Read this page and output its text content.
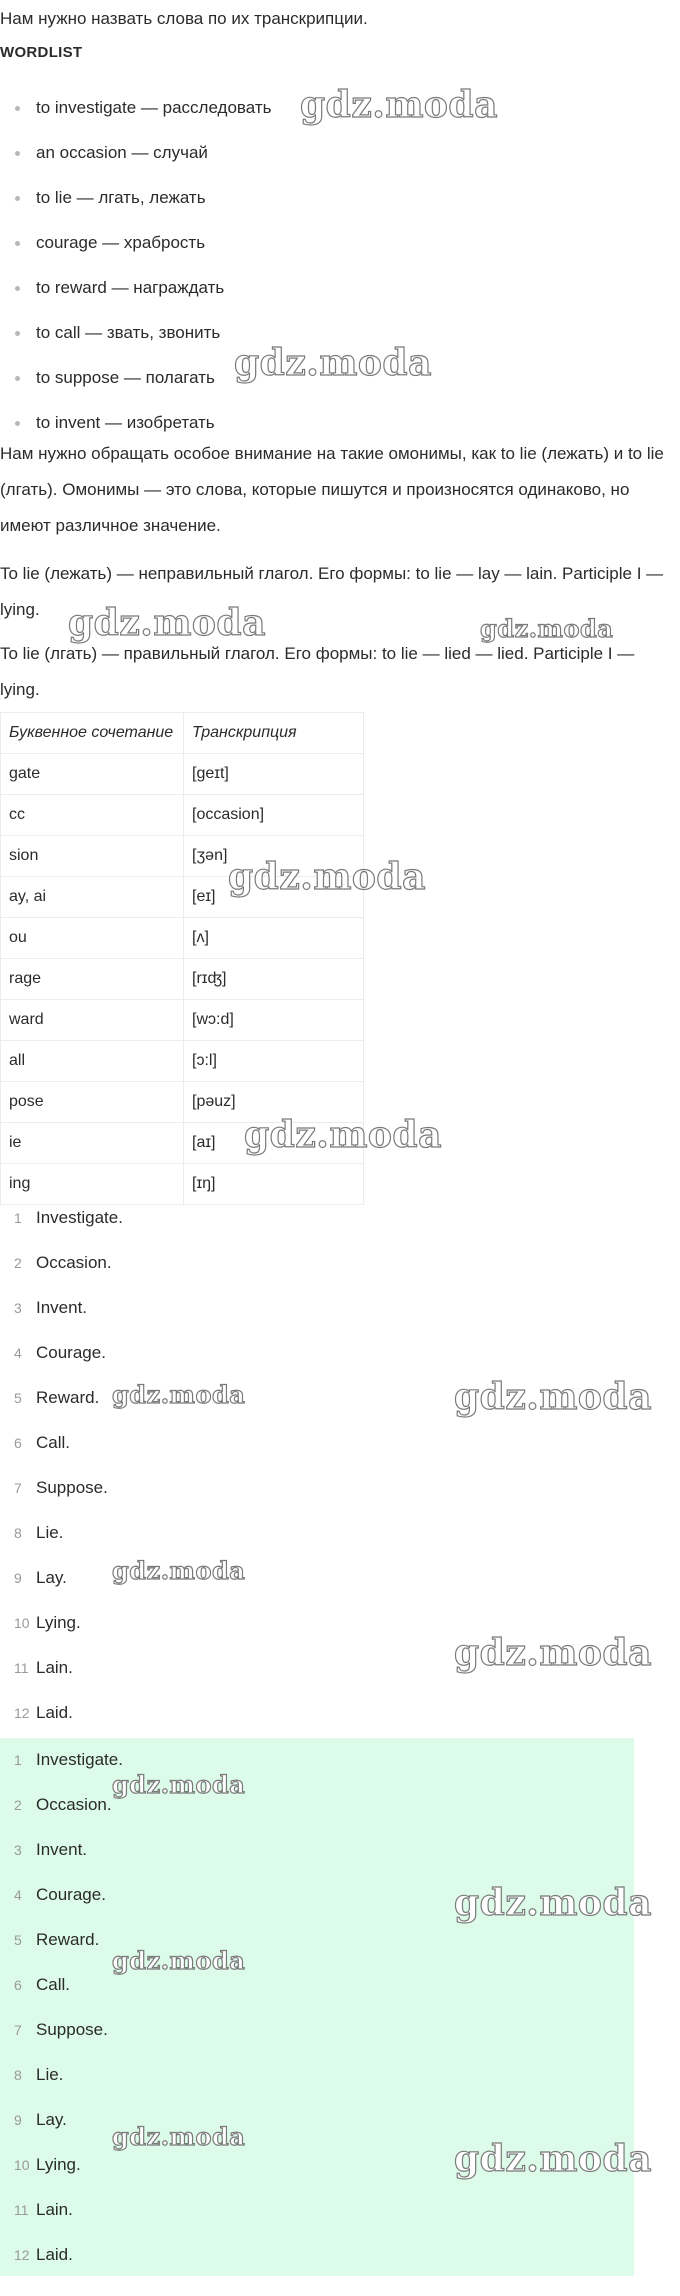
Нам нужно назвать слова по их транскрипции.
WORDLIST
to investigate — расследовать
an occasion — случай
to lie — лгать, лежать
courage — храбрость
to reward — награждать
to call — звать, звонить
to suppose — полагать
to invent — изобретать
Нам нужно обращать особое внимание на такие омонимы, как to lie (лежать) и to lie (лгать). Омонимы — это слова, которые пишутся и произносятся одинаково, но имеют различное значение.
To lie (лежать) — неправильный глагол. Его формы: to lie — lay — lain. Participle I — lying.
To lie (лгать) — правильный глагол. Его формы: to lie — lied — lied. Participle I — lying.
Буквенное сочетание	Транскрипция
gate	[geɪt]
cc	[occasion]
sion	[ʒən]
ay, ai	[eɪ]
ou	[ʌ]
rage	[rɪʤ]
ward	[wɔ:d]
all	[ɔ:l]
pose	[pəuz]
ie	[aɪ]
ing	[ɪŋ]
1 Investigate.
2 Occasion.
3 Invent.
4 Courage.
5 Reward.
6 Call.
7 Suppose.
8 Lie.
9 Lay.
10 Lying.
11 Lain.
12 Laid.
1 Investigate.
2 Occasion.
3 Invent.
4 Courage.
5 Reward.
6 Call.
7 Suppose.
8 Lie.
9 Lay.
10 Lying.
11 Lain.
12 Laid.
gdz.moda
gdz.moda
gdz.moda	gdz.moda
gdz.moda
gdz.moda
gdz.moda	gdz.moda
gdz.moda
gdz.moda
gdz.moda
gdz.moda
gdz.moda
gdz.moda
gdz.moda
